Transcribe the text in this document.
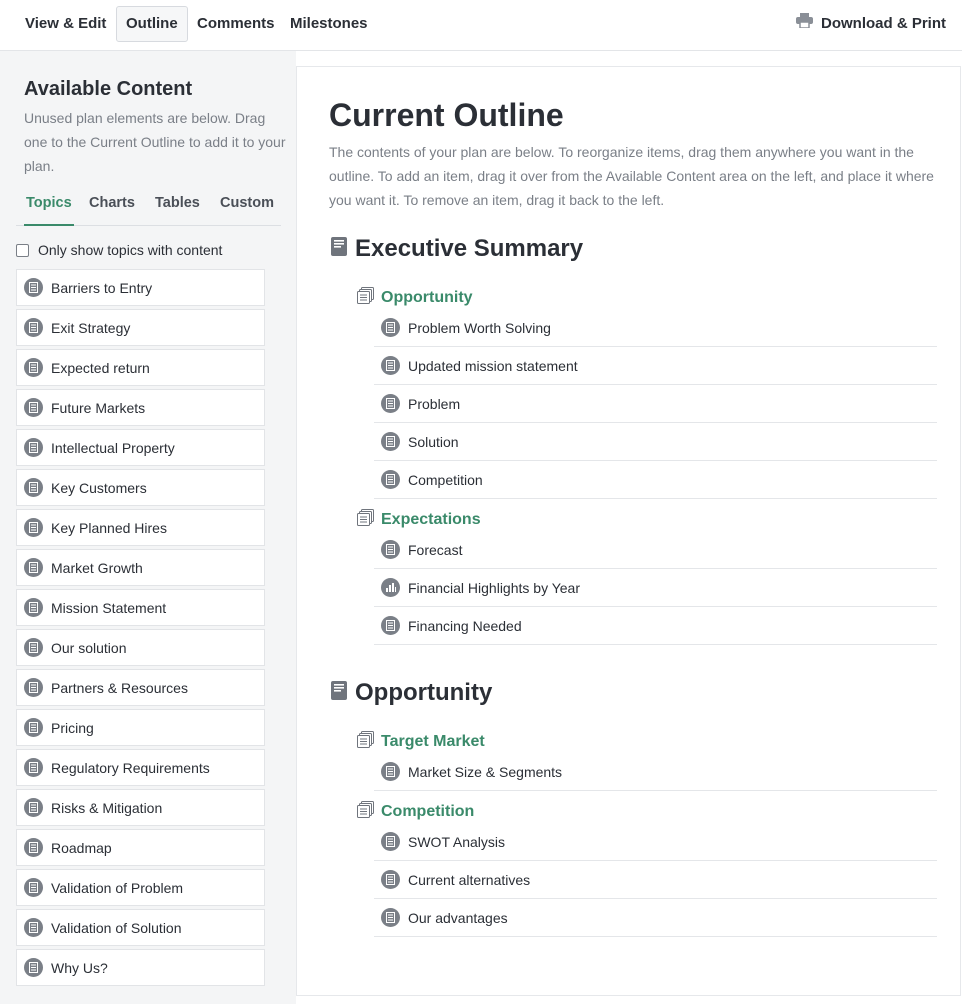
View & Edit	Outline	Comments	Milestones	Download & Print
Available Content
Unused plan elements are below. Drag one to the Current Outline to add it to your plan.
Topics Charts Tables Custom
Only show topics with content
Barriers to Entry
Exit Strategy
Expected return
Future Markets
Intellectual Property
Key Customers
Key Planned Hires
Market Growth
Mission Statement
Our solution
Partners & Resources
Pricing
Regulatory Requirements
Risks & Mitigation
Roadmap
Validation of Problem
Validation of Solution
Why Us?
Current Outline
The contents of your plan are below. To reorganize items, drag them anywhere you want in the outline. To add an item, drag it over from the Available Content area on the left, and place it where you want it. To remove an item, drag it back to the left.
Executive Summary
Opportunity
Problem Worth Solving
Updated mission statement
Problem
Solution
Competition
Expectations
Forecast
Financial Highlights by Year
Financing Needed
Opportunity
Target Market
Market Size & Segments
Competition
SWOT Analysis
Current alternatives
Our advantages
